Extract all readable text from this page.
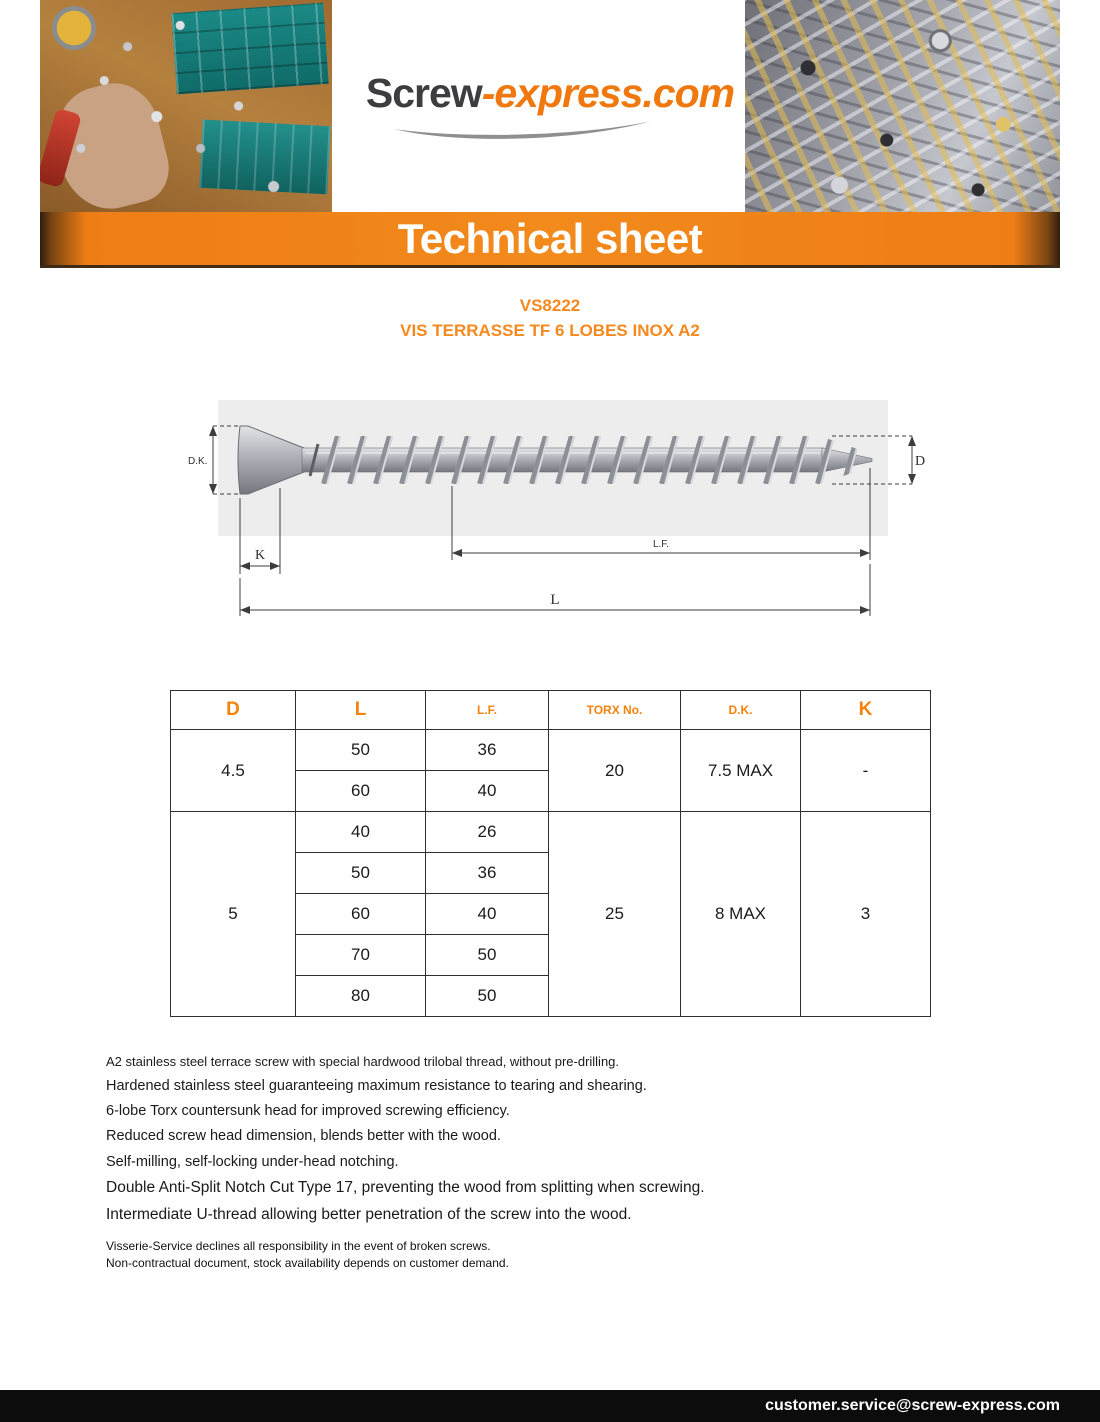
Screw-express.com
Technical sheet
VS8222
VIS TERRASSE TF 6 LOBES INOX A2
D.K.	D
K
L.F.
L
D	L	L.F.	TORX No.	D.K.	K
4.5	50	36	20	7.5 MAX	-
	60	40			
5	40	26	25	8 MAX	3
	50	36			
	60	40			
	70	50			
	80	50			

A2 stainless steel terrace screw with special hardwood trilobal thread, without pre-drilling.

Hardened stainless steel guaranteeing maximum resistance to tearing and shearing.

6-lobe Torx countersunk head for improved screwing efficiency.

Reduced screw head dimension, blends better with the wood.

Self-milling, self-locking under-head notching.

Double Anti-Split Notch Cut Type 17, preventing the wood from splitting when screwing.

Intermediate U-thread allowing better penetration of the screw into the wood.

Visserie-Service declines all responsibility in the event of broken screws.

Non-contractual document, stock availability depends on customer demand.

customer.service@screw-express.com
